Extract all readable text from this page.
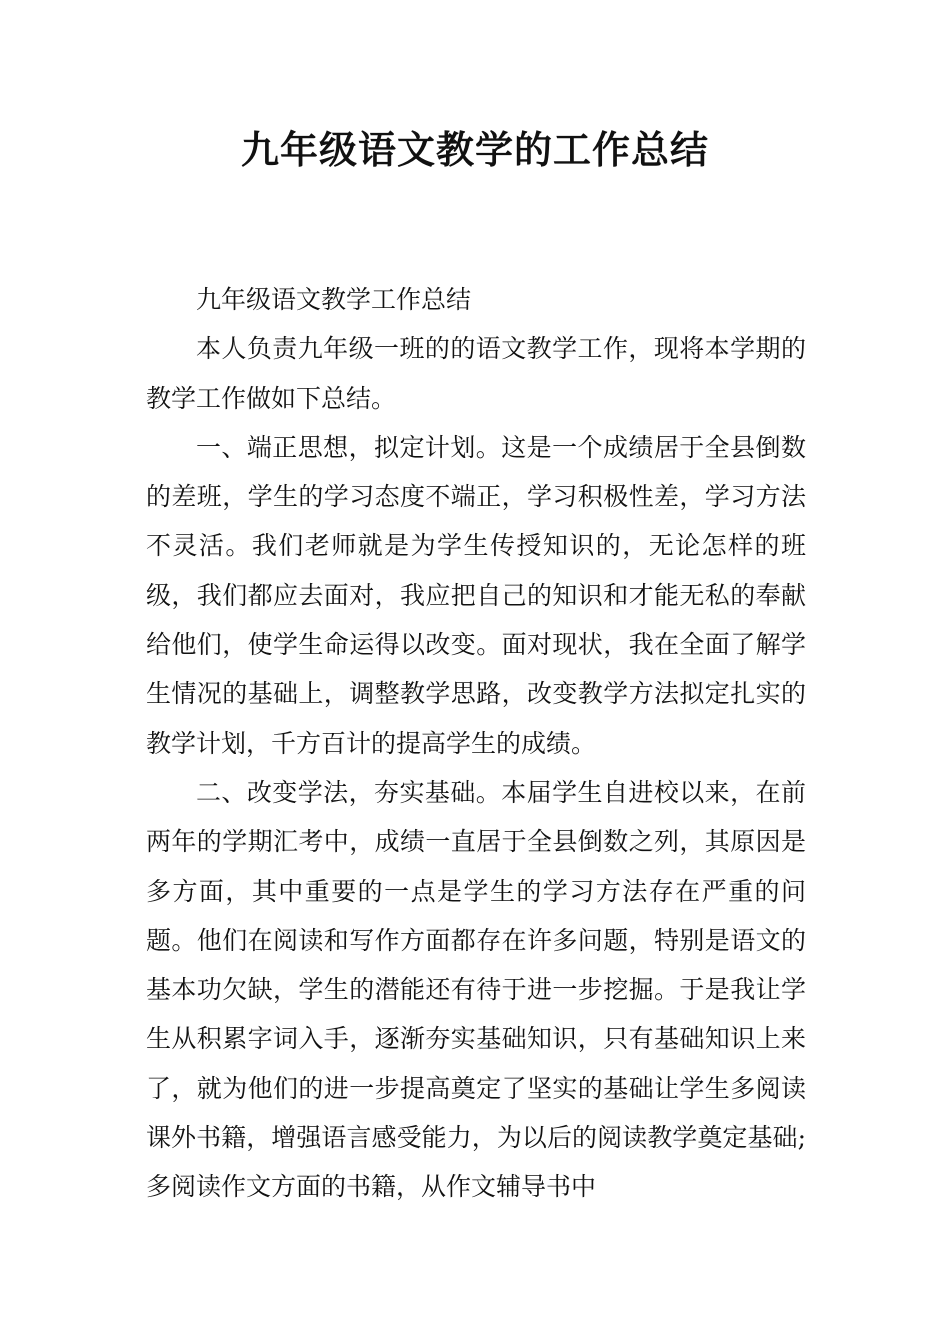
九年级语文教学的工作总结

九年级语文教学工作总结

本人负责九年级一班的的语文教学工作，现将本学期的教学工作做如下总结。

一、端正思想，拟定计划。这是一个成绩居于全县倒数的差班，学生的学习态度不端正，学习积极性差，学习方法不灵活。我们老师就是为学生传授知识的，无论怎样的班级，我们都应去面对，我应把自己的知识和才能无私的奉献给他们，使学生命运得以改变。面对现状，我在全面了解学生情况的基础上，调整教学思路，改变教学方法拟定扎实的教学计划，千方百计的提高学生的成绩。

二、改变学法，夯实基础。本届学生自进校以来，在前两年的学期汇考中，成绩一直居于全县倒数之列，其原因是多方面，其中重要的一点是学生的学习方法存在严重的问题。他们在阅读和写作方面都存在许多问题，特别是语文的基本功欠缺，学生的潜能还有待于进一步挖掘。于是我让学生从积累字词入手，逐渐夯实基础知识，只有基础知识上来了，就为他们的进一步提高奠定了坚实的基础让学生多阅读课外书籍，增强语言感受能力，为以后的阅读教学奠定基础;多阅读作文方面的书籍，从作文辅导书中
